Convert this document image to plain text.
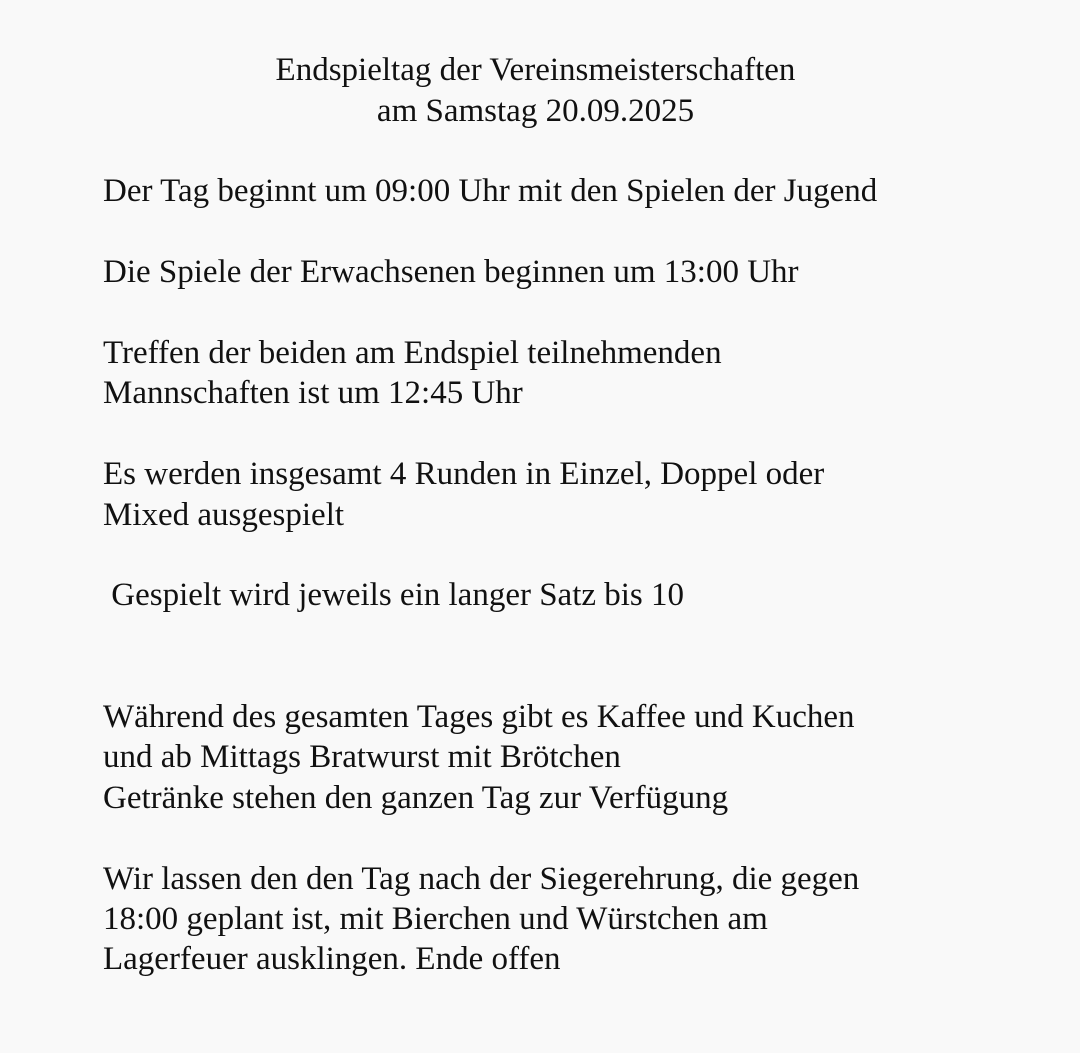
Endspieltag der Vereinsmeisterschaften
am Samstag 20.09.2025
Der Tag beginnt um 09:00 Uhr mit den Spielen der Jugend
Die Spiele der Erwachsenen beginnen um 13:00 Uhr
Treffen der beiden am Endspiel teilnehmenden
Mannschaften ist um 12:45 Uhr
Es werden insgesamt 4 Runden in Einzel, Doppel oder
Mixed ausgespielt
Gespielt wird jeweils ein langer Satz bis 10
Während des gesamten Tages gibt es Kaffee und Kuchen
und ab Mittags Bratwurst mit Brötchen
Getränke stehen den ganzen Tag zur Verfügung
Wir lassen den den Tag nach der Siegerehrung, die gegen
18:00 geplant ist, mit Bierchen und Würstchen am
Lagerfeuer ausklingen. Ende offen
